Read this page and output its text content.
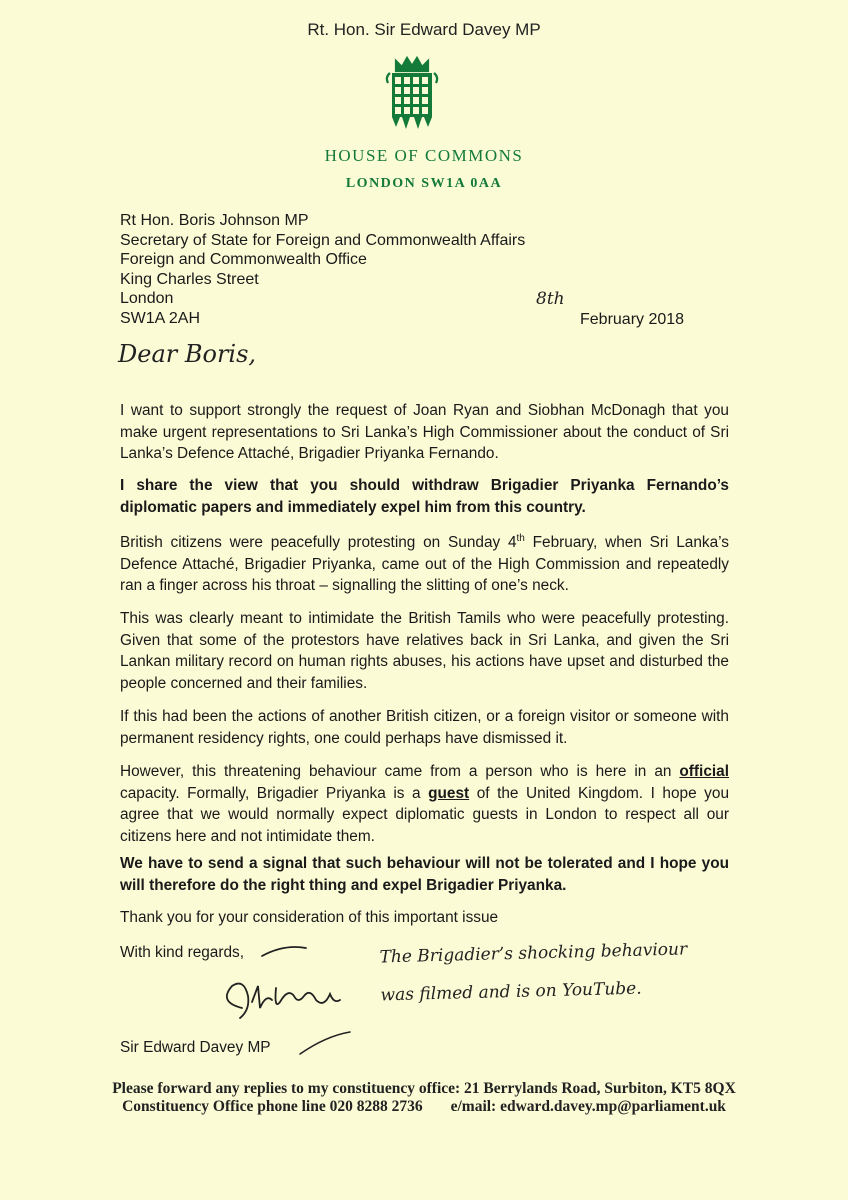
Rt. Hon. Sir Edward Davey MP
HOUSE OF COMMONS
LONDON SW1A 0AA
Rt Hon. Boris Johnson MP
Secretary of State for Foreign and Commonwealth Affairs
Foreign and Commonwealth Office
King Charles Street
London
SW1A 2AH
8th
February 2018
Dear Boris,

I want to support strongly the request of Joan Ryan and Siobhan McDonagh that you make urgent representations to Sri Lanka’s High Commissioner about the conduct of Sri Lanka’s Defence Attaché, Brigadier Priyanka Fernando.

I share the view that you should withdraw Brigadier Priyanka Fernando’s diplomatic papers and immediately expel him from this country.

British citizens were peacefully protesting on Sunday 4th February, when Sri Lanka’s Defence Attaché, Brigadier Priyanka, came out of the High Commission and repeatedly ran a finger across his throat – signalling the slitting of one’s neck.

This was clearly meant to intimidate the British Tamils who were peacefully protesting. Given that some of the protestors have relatives back in Sri Lanka, and given the Sri Lankan military record on human rights abuses, his actions have upset and disturbed the people concerned and their families.

If this had been the actions of another British citizen, or a foreign visitor or someone with permanent residency rights, one could perhaps have dismissed it.

However, this threatening behaviour came from a person who is here in an official capacity. Formally, Brigadier Priyanka is a guest of the United Kingdom. I hope you agree that we would normally expect diplomatic guests in London to respect all our citizens here and not intimidate them.

We have to send a signal that such behaviour will not be tolerated and I hope you will therefore do the right thing and expel Brigadier Priyanka.

Thank you for your consideration of this important issue

With kind regards,	The Brigadier’s shocking behaviour
was filmed and is on YouTube.
Sir Edward Davey MP
Please forward any replies to my constituency office: 21 Berrylands Road, Surbiton, KT5 8QX
Constituency Office phone line 020 8288 2736 e/mail: edward.davey.mp@parliament.uk
